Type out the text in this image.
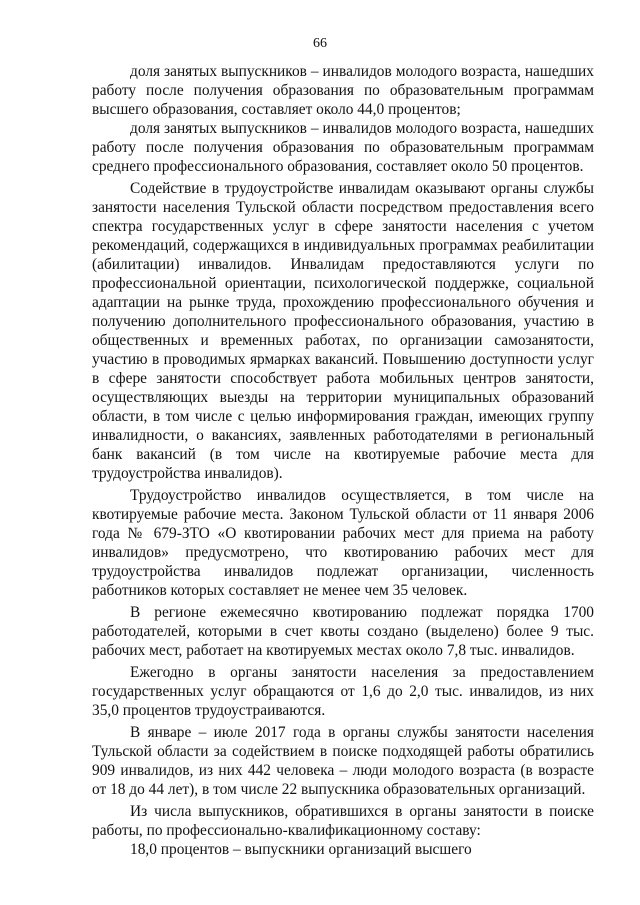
66

доля занятых выпускников – инвалидов молодого возраста, нашедших работу после получения образования по образовательным программам высшего образования, составляет около 44,0 процентов;

доля занятых выпускников – инвалидов молодого возраста, нашедших работу после получения образования по образовательным программам среднего профессионального образования, составляет около 50 процентов.

Содействие в трудоустройстве инвалидам оказывают органы службы занятости населения Тульской области посредством предоставления всего спектра государственных услуг в сфере занятости населения с учетом рекомендаций, содержащихся в индивидуальных программах реабилитации (абилитации) инвалидов. Инвалидам предоставляются услуги по профессиональной ориентации, психологической поддержке, социальной адаптации на рынке труда, прохождению профессионального обучения и получению дополнительного профессионального образования, участию в общественных и временных работах, по организации самозанятости, участию в проводимых ярмарках вакансий. Повышению доступности услуг в сфере занятости способствует работа мобильных центров занятости, осуществляющих выезды на территории муниципальных образований области, в том числе с целью информирования граждан, имеющих группу инвалидности, о вакансиях, заявленных работодателями в региональный банк вакансий (в том числе на квотируемые рабочие места для трудоустройства инвалидов).

Трудоустройство инвалидов осуществляется, в том числе на квотируемые рабочие места. Законом Тульской области от 11 января 2006 года № 679-ЗТО «О квотировании рабочих мест для приема на работу инвалидов» предусмотрено, что квотированию рабочих мест для трудоустройства инвалидов подлежат организации, численность работников которых составляет не менее чем 35 человек.

В регионе ежемесячно квотированию подлежат порядка 1700 работодателей, которыми в счет квоты создано (выделено) более 9 тыс. рабочих мест, работает на квотируемых местах около 7,8 тыс. инвалидов.

Ежегодно в органы занятости населения за предоставлением государственных услуг обращаются от 1,6 до 2,0 тыс. инвалидов, из них 35,0 процентов трудоустраиваются.

В январе – июле 2017 года в органы службы занятости населения Тульской области за содействием в поиске подходящей работы обратились 909 инвалидов, из них 442 человека – люди молодого возраста (в возрасте от 18 до 44 лет), в том числе 22 выпускника образовательных организаций.

Из числа выпускников, обратившихся в органы занятости в поиске работы, по профессионально-квалификационному составу:

18,0 процентов – выпускники организаций высшего
